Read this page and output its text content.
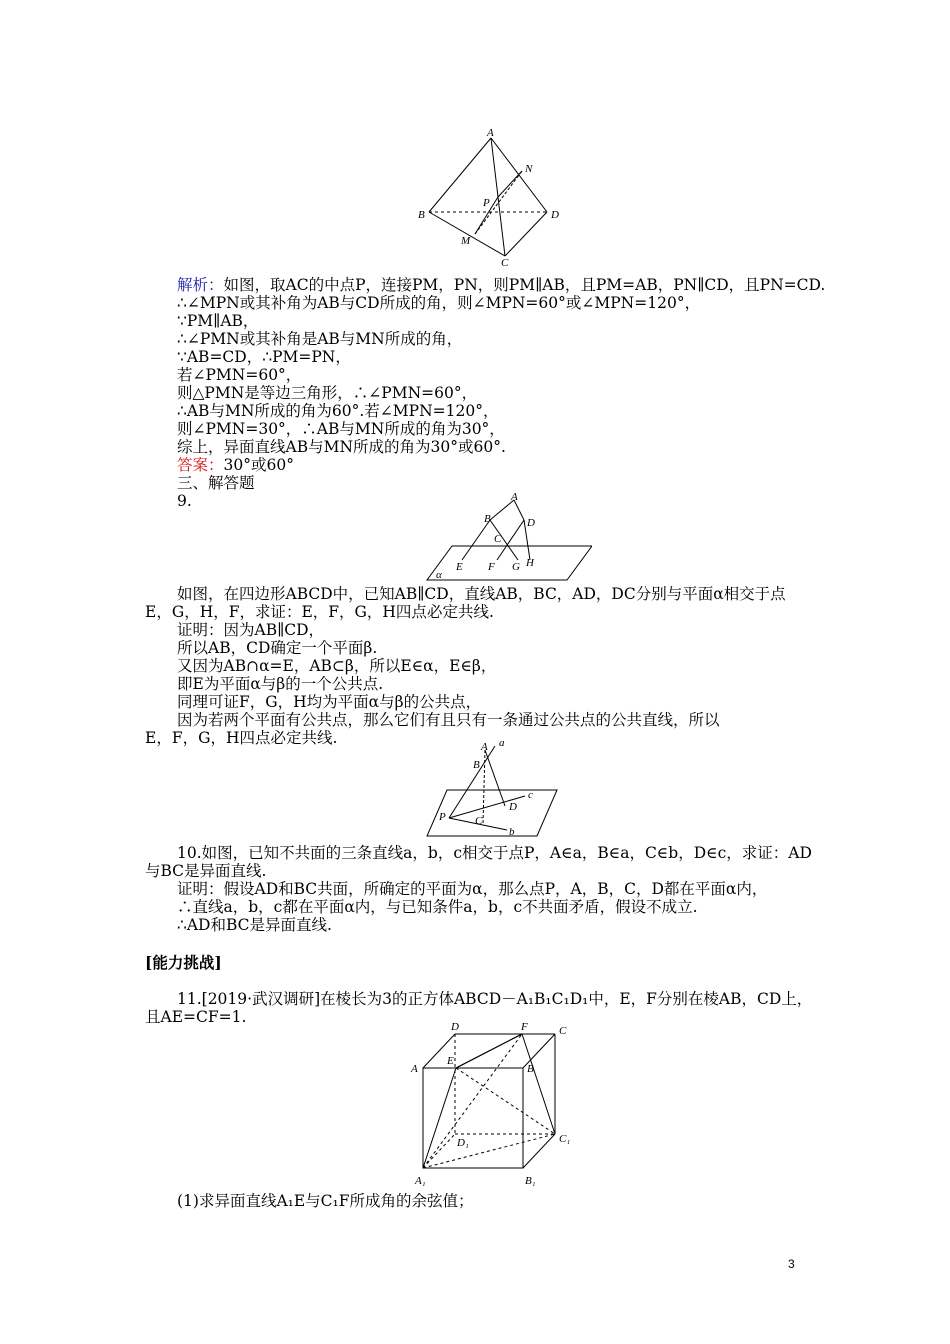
A
N
P
B	D
M
C
解析：如图，取AC的中点P，连接PM，PN，则PM∥AB，且PM=AB，PN∥CD，且PN=CD.
∴∠MPN或其补角为AB与CD所成的角，则∠MPN=60°或∠MPN=120°，
∵PM∥AB，
∴∠PMN或其补角是AB与MN所成的角，
∵AB=CD，∴PM=PN，
若∠PMN=60°，
则△PMN是等边三角形，∴∠PMN=60°，
∴AB与MN所成的角为60°.若∠MPN=120°，
则∠PMN=30°，∴AB与MN所成的角为30°，
综上，异面直线AB与MN所成的角为30°或60°.
答案：30°或60°
三、解答题
9.	A
B	D
C
E F G H
α
如图，在四边形ABCD中，已知AB∥CD，直线AB，BC，AD，DC分别与平面α相交于点
E，G，H，F，求证：E，F，G，H四点必定共线.
证明：因为AB∥CD，
所以AB，CD确定一个平面β.
又因为AB∩α=E，AB⊂β，所以E∈α，E∈β，
即E为平面α与β的一个公共点.
同理可证F，G，H均为平面α与β的公共点，
因为若两个平面有公共点，那么它们有且只有一条通过公共点的公共直线，所以
E，F，G，H四点必定共线.	A a
B
c
D
P	C
b
10.如图，已知不共面的三条直线a，b，c相交于点P，A∈a，B∈a，C∈b，D∈c，求证：AD
与BC是异面直线.
证明：假设AD和BC共面，所确定的平面为α，那么点P，A，B，C，D都在平面α内，
∴直线a，b，c都在平面α内，与已知条件a，b，c不共面矛盾，假设不成立.
∴AD和BC是异面直线.
[能力挑战]
11.[2019·武汉调研]在棱长为3的正方体ABCD－A₁B₁C₁D₁中，E，F分别在棱AB，CD上，
且AE=CF=1.
D	F	C
E
A	B
D₁	C₁
A₁	B₁
(1)求异面直线A₁E与C₁F所成角的余弦值；
3
